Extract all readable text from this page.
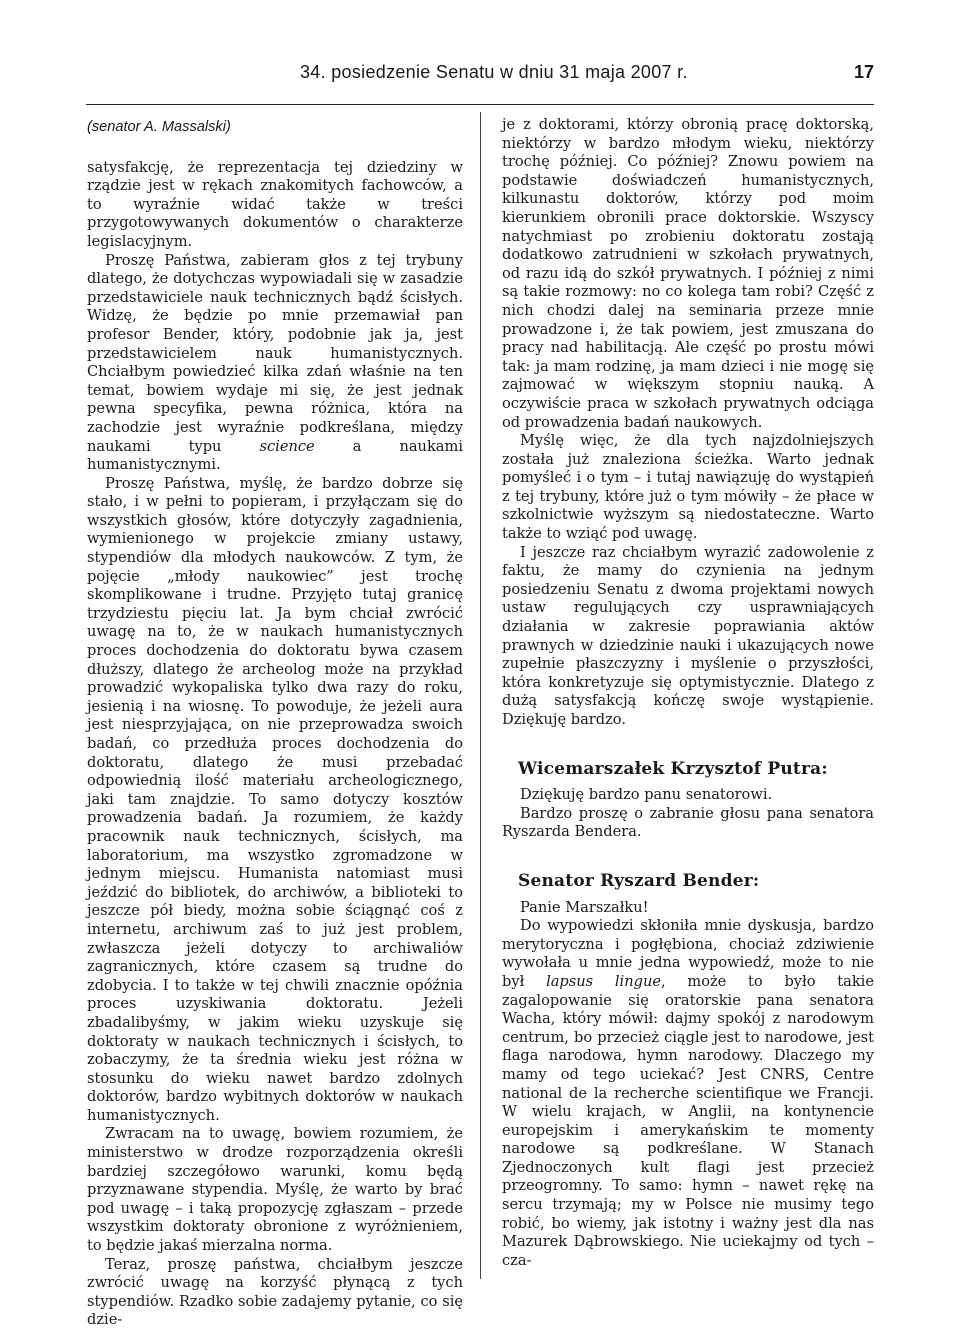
34. posiedzenie Senatu w dniu 31 maja 2007 r.	17
(senator A. Massalski)

satysfakcję, że reprezentacja tej dziedziny w rządzie jest w rękach znakomitych fachowców, a to wyraźnie widać także w treści przygotowywanych dokumentów o charakterze legislacyjnym.

Proszę Państwa, zabieram głos z tej trybuny dlatego, że dotychczas wypowiadali się w zasadzie przedstawiciele nauk technicznych bądź ścisłych. Widzę, że będzie po mnie przemawiał pan profesor Bender, który, podobnie jak ja, jest przedstawicielem nauk humanistycznych. Chciałbym powiedzieć kilka zdań właśnie na ten temat, bowiem wydaje mi się, że jest jednak pewna specyfika, pewna różnica, która na zachodzie jest wyraźnie podkreślana, między naukami typu	science	a naukami humanistycznymi.

Proszę Państwa, myślę, że bardzo dobrze się stało, i w pełni to popieram, i przyłączam się do wszystkich głosów, które dotyczyły zagadnienia, wymienionego w projekcie zmiany ustawy, stypendiów dla młodych naukowców. Z tym, że pojęcie „młody naukowiec” jest trochę skomplikowane i trudne. Przyjęto tutaj granicę trzydziestu pięciu lat. Ja bym chciał zwrócić uwagę na to, że w naukach humanistycznych proces dochodzenia do doktoratu bywa czasem dłuższy, dlatego że archeolog może na przykład prowadzić wykopaliska tylko dwa razy do roku, jesienią i na wiosnę. To powoduje, że jeżeli aura jest niesprzyjająca, on nie przeprowadza swoich badań, co przedłuża proces dochodzenia do doktoratu, dlatego że musi przebadać odpowiednią ilość materiału archeologicznego, jaki tam znajdzie. To samo dotyczy kosztów prowadzenia badań. Ja rozumiem, że każdy pracownik nauk technicznych, ścisłych, ma laboratorium, ma wszystko zgromadzone w jednym miejscu. Humanista natomiast musi jeździć do bibliotek, do archiwów, a biblioteki to jeszcze pół biedy, można sobie ściągnąć coś z internetu, archiwum zaś to już jest problem, zwłaszcza jeżeli dotyczy to archiwaliów zagranicznych, które czasem są trudne do zdobycia. I to także w tej chwili znacznie opóźnia proces uzyskiwania doktoratu. Jeżeli zbadalibyśmy, w jakim wieku uzyskuje się doktoraty w naukach technicznych i ścisłych, to zobaczymy, że ta średnia wieku jest różna w stosunku do wieku nawet bardzo zdolnych doktorów, bardzo wybitnych doktorów w naukach humanistycznych.

Zwracam na to uwagę, bowiem rozumiem, że ministerstwo w drodze rozporządzenia określi bardziej szczegółowo warunki, komu będą przyznawane stypendia. Myślę, że warto by brać pod uwagę – i taką propozycję zgłaszam – przede wszystkim doktoraty obronione z wyróżnieniem, to będzie jakaś mierzalna norma.

Teraz, proszę państwa, chciałbym jeszcze zwrócić uwagę na korzyść płynącą z tych stypendiów. Rzadko sobie zadajemy pytanie, co się dzie-

je z doktorami, którzy obronią pracę doktorską, niektórzy w bardzo młodym wieku, niektórzy trochę później. Co później? Znowu powiem na podstawie doświadczeń humanistycznych, kilkunastu doktorów, którzy pod moim kierunkiem obronili prace doktorskie. Wszyscy natychmiast po zrobieniu doktoratu zostają dodatkowo zatrudnieni w szkołach prywatnych, od razu idą do szkół prywatnych. I później z nimi są takie rozmowy: no co kolega tam robi? Część z nich chodzi dalej na seminaria przeze mnie prowadzone i, że tak powiem, jest zmuszana do pracy nad habilitacją. Ale część po prostu mówi tak: ja mam rodzinę, ja mam dzieci i nie mogę się zajmować w większym stopniu nauką. A oczywiście praca w szkołach prywatnych odciąga od prowadzenia badań naukowych.

Myślę więc, że dla tych najzdolniejszych została już znaleziona ścieżka. Warto jednak pomyśleć i o tym – i tutaj nawiązuję do wystąpień z tej trybuny, które już o tym mówiły – że płace w szkolnictwie wyższym są niedostateczne. Warto także to wziąć pod uwagę.

I jeszcze raz chciałbym wyrazić zadowolenie z faktu, że mamy do czynienia na jednym posiedzeniu Senatu z dwoma projektami nowych ustaw regulujących czy usprawniających działania w zakresie poprawiania aktów prawnych w dziedzinie nauki i ukazujących nowe zupełnie płaszczyzny i myślenie o przyszłości, która konkretyzuje się optymistycznie. Dlatego z dużą satysfakcją kończę swoje wystąpienie. Dziękuję bardzo.

Wicemarszałek Krzysztof Putra:

Dziękuję bardzo panu senatorowi.

Bardzo proszę o zabranie głosu pana senatora Ryszarda Bendera.

Senator Ryszard Bender:

Panie Marszałku!

Do wypowiedzi skłoniła mnie dyskusja, bardzo merytoryczna i pogłębiona, chociaż zdziwienie wywołała u mnie jedna wypowiedź, może to nie był lapsus lingue, może to było takie zagalopowanie się oratorskie pana senatora Wacha, który mówił: dajmy spokój z narodowym centrum, bo przecież ciągle jest to narodowe, jest flaga narodowa, hymn narodowy. Dlaczego my mamy od tego uciekać? Jest CNRS, Centre national de la recherche scientifique we Francji. W wielu krajach, w Anglii, na kontynencie europejskim i amerykańskim te momenty narodowe są podkreślane. W Stanach Zjednoczonych kult flagi jest przecież przeogromny. To samo: hymn – nawet rękę na sercu trzymają; my w Polsce nie musimy tego robić, bo wiemy, jak istotny i ważny jest dla nas Mazurek Dąbrowskiego. Nie uciekajmy od tych – cza-
